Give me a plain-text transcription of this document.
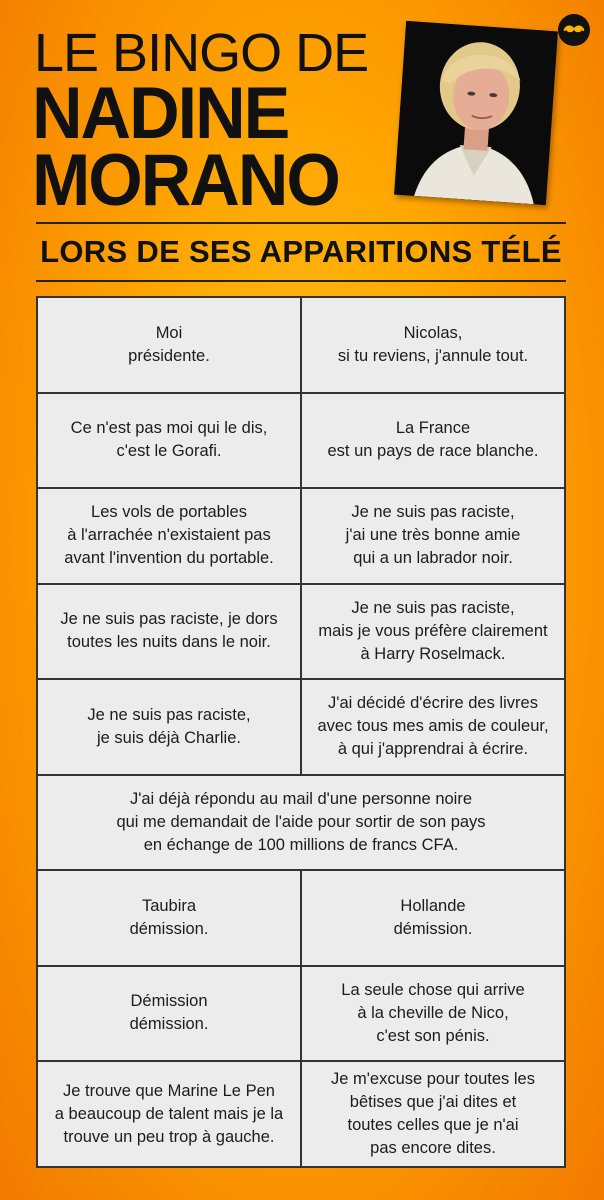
LE BINGO DE
NADINE
MORANO
LORS DE SES APPARITIONS TÉLÉ
Moi
présidente.
Nicolas,
si tu reviens, j'annule tout.
Ce n'est pas moi qui le dis,
c'est le Gorafi.
La France
est un pays de race blanche.
Les vols de portables
à l'arrachée n'existaient pas
avant l'invention du portable.
Je ne suis pas raciste,
j'ai une très bonne amie
qui a un labrador noir.
Je ne suis pas raciste, je dors
toutes les nuits dans le noir.
Je ne suis pas raciste,
mais je vous préfère clairement
à Harry Roselmack.
Je ne suis pas raciste,
je suis déjà Charlie.
J'ai décidé d'écrire des livres
avec tous mes amis de couleur,
à qui j'apprendrai à écrire.
J'ai déjà répondu au mail d'une personne noire
qui me demandait de l'aide pour sortir de son pays
en échange de 100 millions de francs CFA.
Taubira
démission.
Hollande
démission.
Démission
démission.
La seule chose qui arrive
à la cheville de Nico,
c'est son pénis.
Je trouve que Marine Le Pen
a beaucoup de talent mais je la
trouve un peu trop à gauche.
Je m'excuse pour toutes les
bêtises que j'ai dites et
toutes celles que je n'ai
pas encore dites.
